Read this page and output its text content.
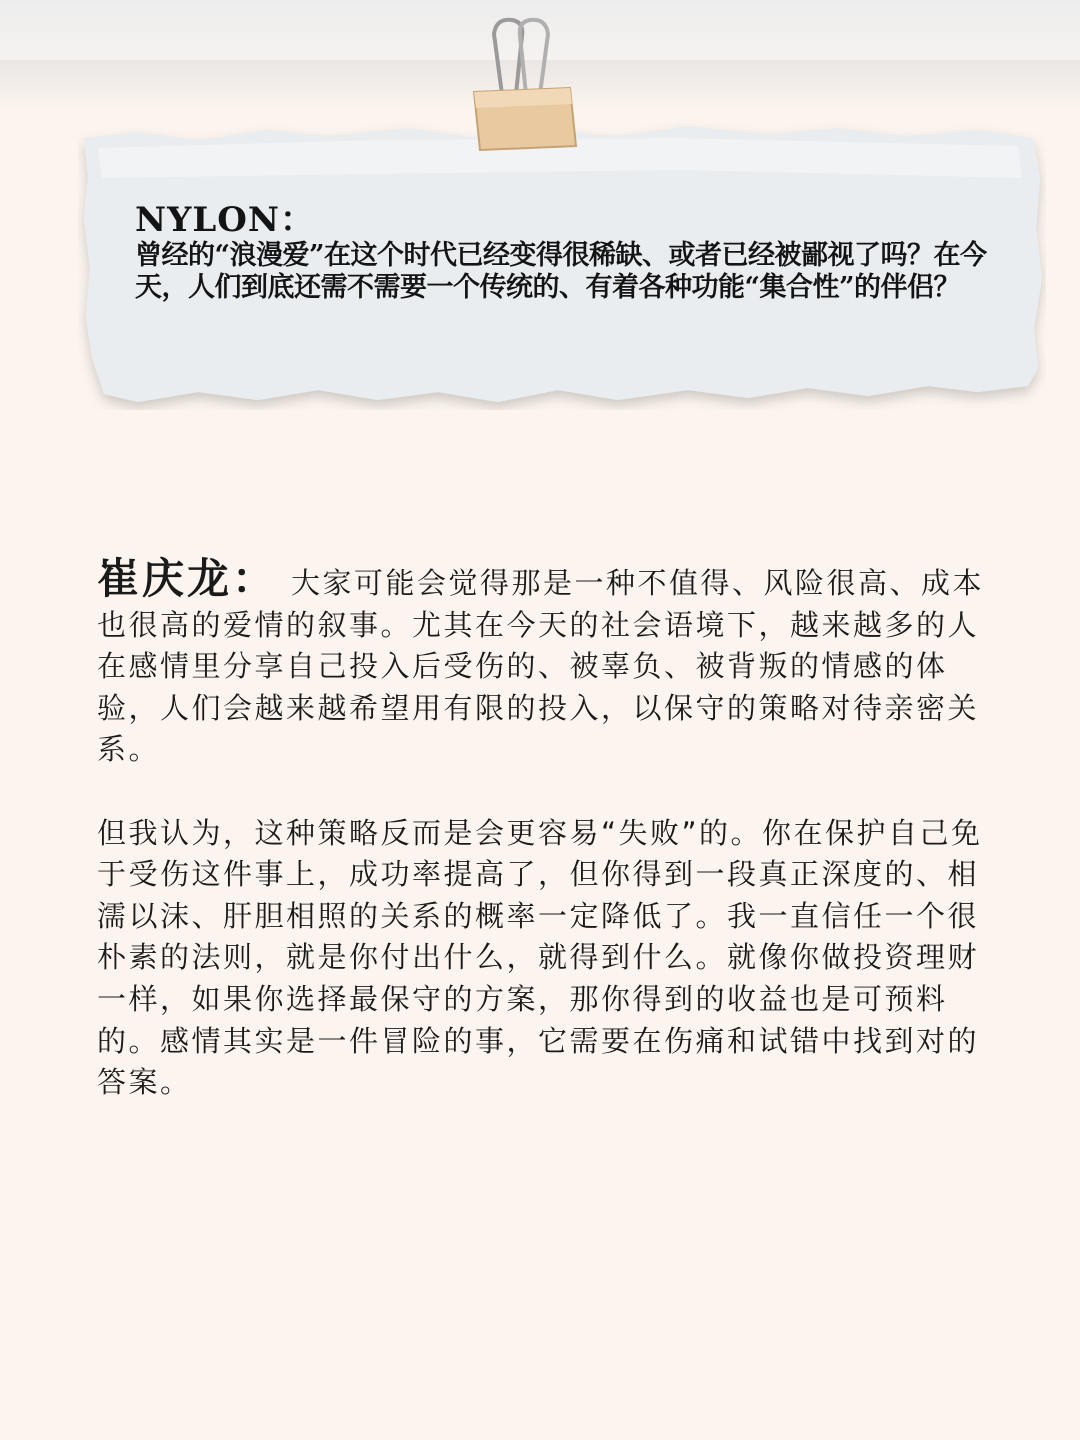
NYLON：
曾经的“浪漫爱”在这个时代已经变得很稀缺、或者已经被鄙视了吗？在今天，人们到底还需不需要一个传统的、有着各种功能“集合性”的伴侣？

崔庆龙： 大家可能会觉得那是一种不值得、风险很高、成本也很高的爱情的叙事。尤其在今天的社会语境下，越来越多的人在感情里分享自己投入后受伤的、被辜负、被背叛的情感的体验，人们会越来越希望用有限的投入，以保守的策略对待亲密关系。

但我认为，这种策略反而是会更容易“失败”的。你在保护自己免于受伤这件事上，成功率提高了，但你得到一段真正深度的、相濡以沫、肝胆相照的关系的概率一定降低了。我一直信任一个很朴素的法则，就是你付出什么，就得到什么。就像你做投资理财一样，如果你选择最保守的方案，那你得到的收益也是可预料的。感情其实是一件冒险的事，它需要在伤痛和试错中找到对的答案。
